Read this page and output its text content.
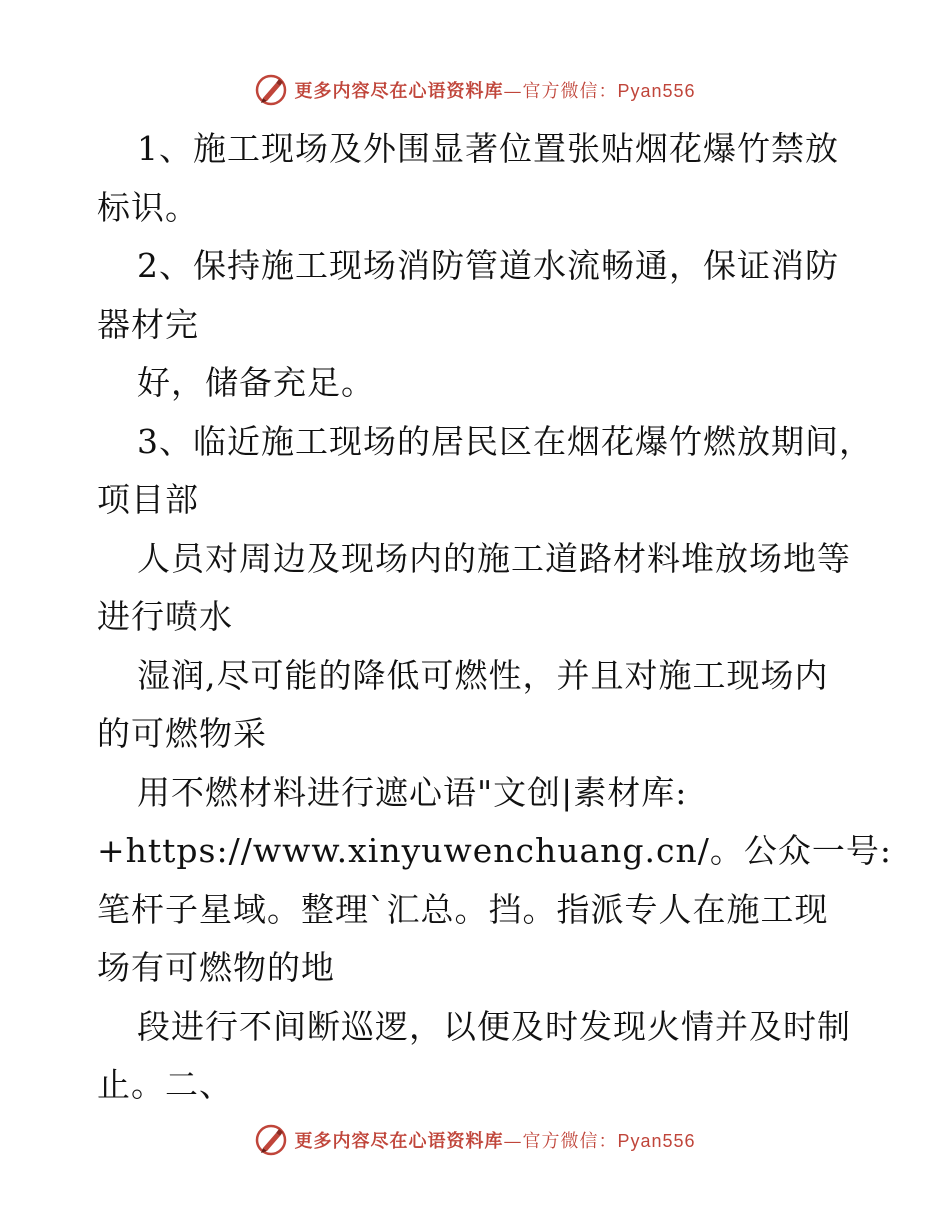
更多内容尽在心语资料库—官方微信：Pyan556
1、施工现场及外围显著位置张贴烟花爆竹禁放
标识。
2、保持施工现场消防管道水流畅通，保证消防
器材完
好，储备充足。
3、临近施工现场的居民区在烟花爆竹燃放期间，
项目部
人员对周边及现场内的施工道路材料堆放场地等
进行喷水
湿润,尽可能的降低可燃性，并且对施工现场内
的可燃物采
用不燃材料进行遮心语"文创|素材库:
+https://www.xinyuwenchuang.cn/。公众一号:
笔杆子星域。整理`汇总。挡。指派专人在施工现
场有可燃物的地
段进行不间断巡逻，以便及时发现火情并及时制
止。二、
更多内容尽在心语资料库—官方微信：Pyan556
